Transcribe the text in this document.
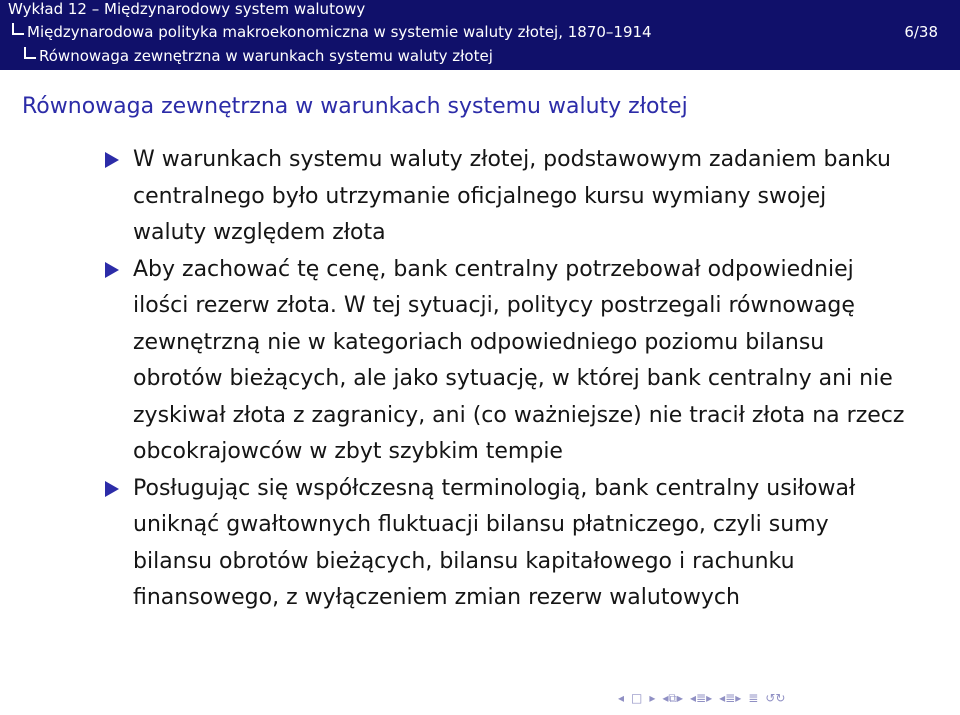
Wykład 12 – Międzynarodowy system walutowy
Międzynarodowa polityka makroekonomiczna w systemie waluty złotej, 1870–1914
Równowaga zewnętrzna w warunkach systemu waluty złotej
6/38
Równowaga zewnętrzna w warunkach systemu waluty złotej

W warunkach systemu waluty złotej, podstawowym zadaniem banku centralnego było utrzymanie oficjalnego kursu wymiany swojej waluty względem złota

Aby zachować tę cenę, bank centralny potrzebował odpowiedniej ilości rezerw złota. W tej sytuacji, politycy postrzegali równowagę zewnętrzną nie w kategoriach odpowiedniego poziomu bilansu obrotów bieżących, ale jako sytuację, w której bank centralny ani nie zyskiwał złota z zagranicy, ani (co ważniejsze) nie tracił złota na rzecz obcokrajowców w zbyt szybkim tempie

Posługując się współczesną terminologią, bank centralny usiłował uniknąć gwałtownych fluktuacji bilansu płatniczego, czyli sumy bilansu obrotów bieżących, bilansu kapitałowego i rachunku finansowego, z wyłączeniem zmian rezerw walutowych

◂ □ ▸ ◂⧉▸ ◂≣▸ ◂≣▸ ≣ ↺↻
